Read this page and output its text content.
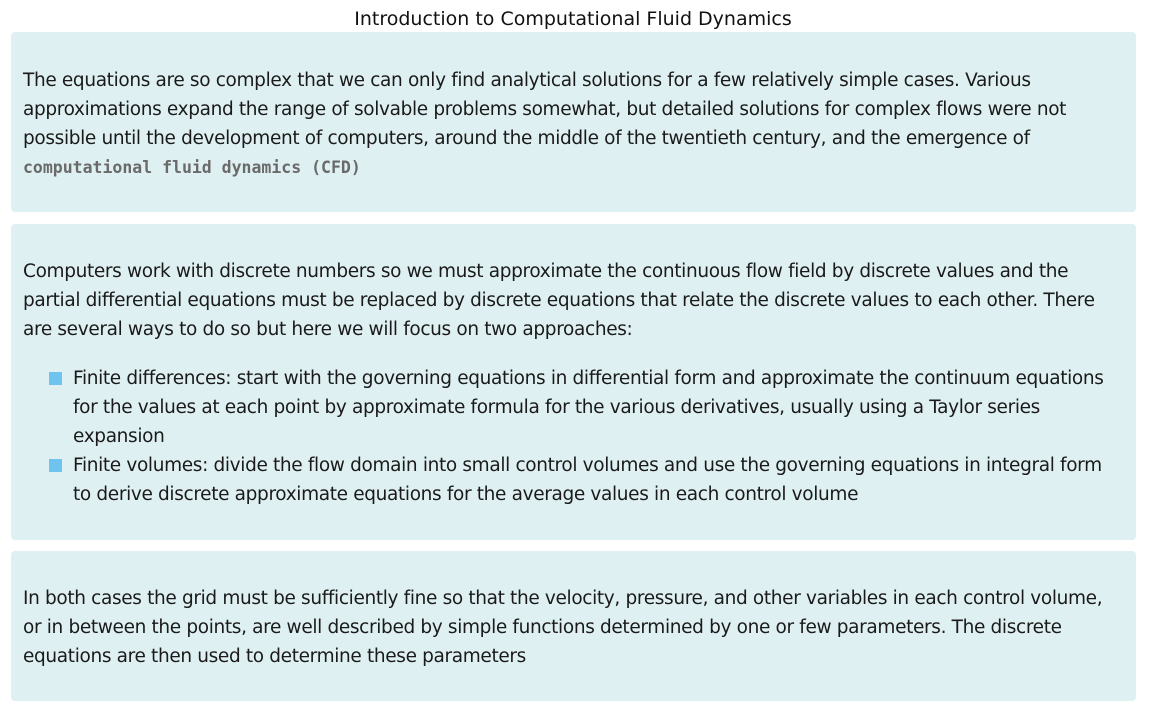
Introduction to Computational Fluid Dynamics

The equations are so complex that we can only find analytical solutions for a few relatively simple cases. Various approximations expand the range of solvable problems somewhat, but detailed solutions for complex flows were not possible until the development of computers, around the middle of the twentieth century, and the emergence of computational fluid dynamics (CFD)

Computers work with discrete numbers so we must approximate the continuous flow field by discrete values and the partial differential equations must be replaced by discrete equations that relate the discrete values to each other. There are several ways to do so but here we will focus on two approaches:

Finite differences: start with the governing equations in differential form and approximate the continuum equations for the values at each point by approximate formula for the various derivatives, usually using a Taylor series expansion
Finite volumes: divide the flow domain into small control volumes and use the governing equations in integral form to derive discrete approximate equations for the average values in each control volume

In both cases the grid must be sufficiently fine so that the velocity, pressure, and other variables in each control volume, or in between the points, are well described by simple functions determined by one or few parameters. The discrete equations are then used to determine these parameters
